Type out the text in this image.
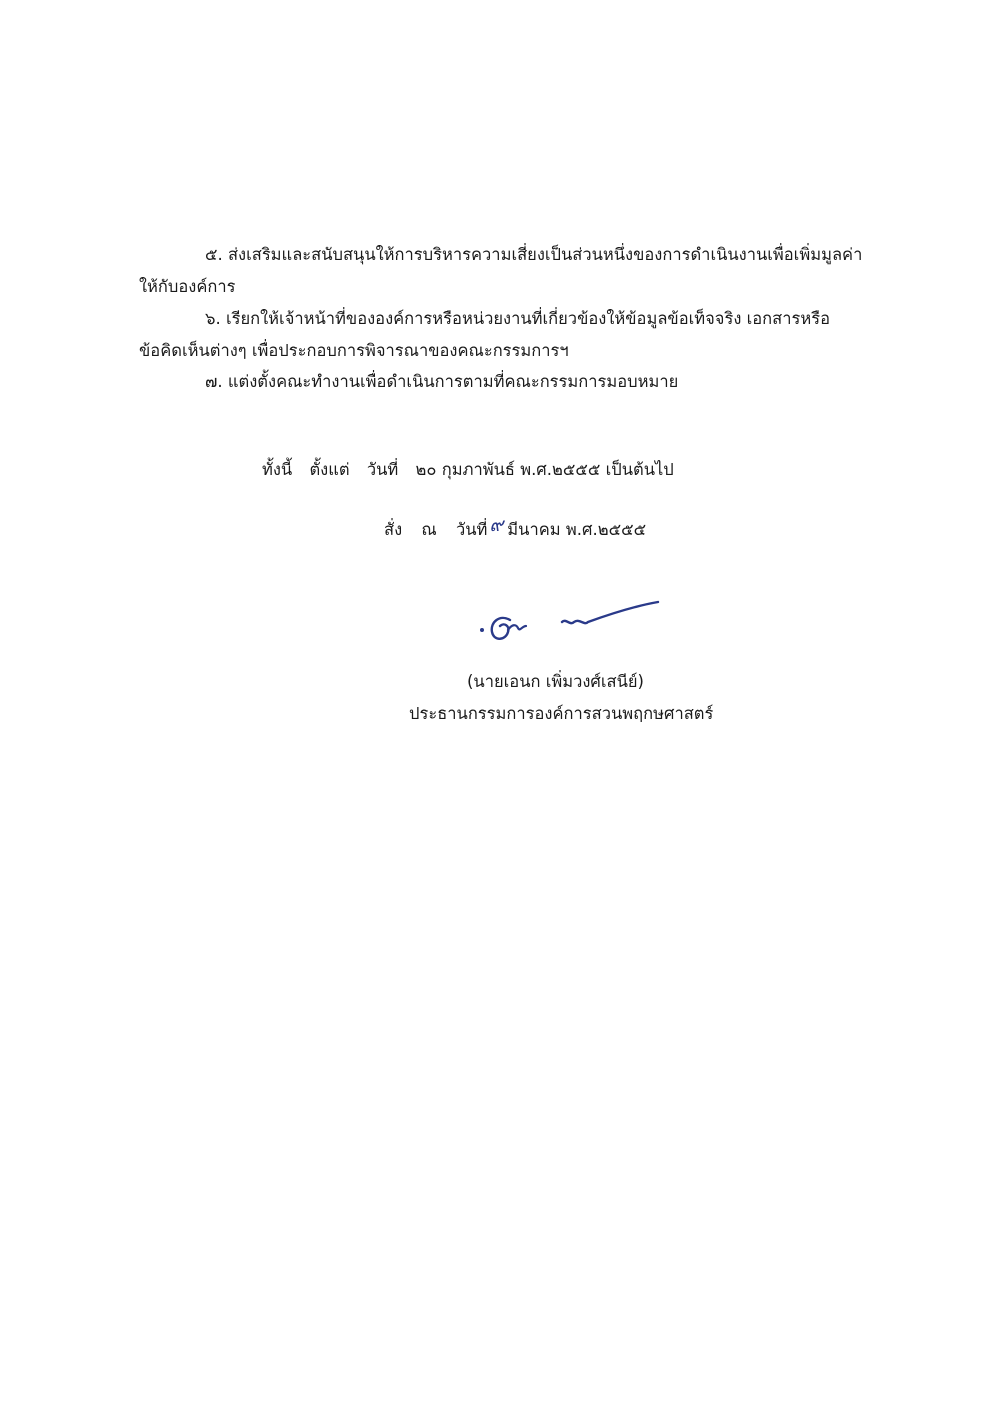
๕. ส่งเสริมและสนับสนุนให้การบริหารความเสี่ยงเป็นส่วนหนึ่งของการดำเนินงานเพื่อเพิ่มมูลค่า
ให้กับองค์การ
๖. เรียกให้เจ้าหน้าที่ขององค์การหรือหน่วยงานที่เกี่ยวข้องให้ข้อมูลข้อเท็จจริง เอกสารหรือ
ข้อคิดเห็นต่างๆ เพื่อประกอบการพิจารณาของคณะกรรมการฯ
๗. แต่งตั้งคณะทำงานเพื่อดำเนินการตามที่คณะกรรมการมอบหมาย
ทั้งนี้ ตั้งแต่ วันที่ ๒๐ กุมภาพันธ์ พ.ศ.๒๕๕๕ เป็นต้นไป
สั่ง ณ วันที่ ๙ มีนาคม พ.ศ.๒๕๕๕
(นายเอนก เพิ่มวงศ์เสนีย์)
ประธานกรรมการองค์การสวนพฤกษศาสตร์
